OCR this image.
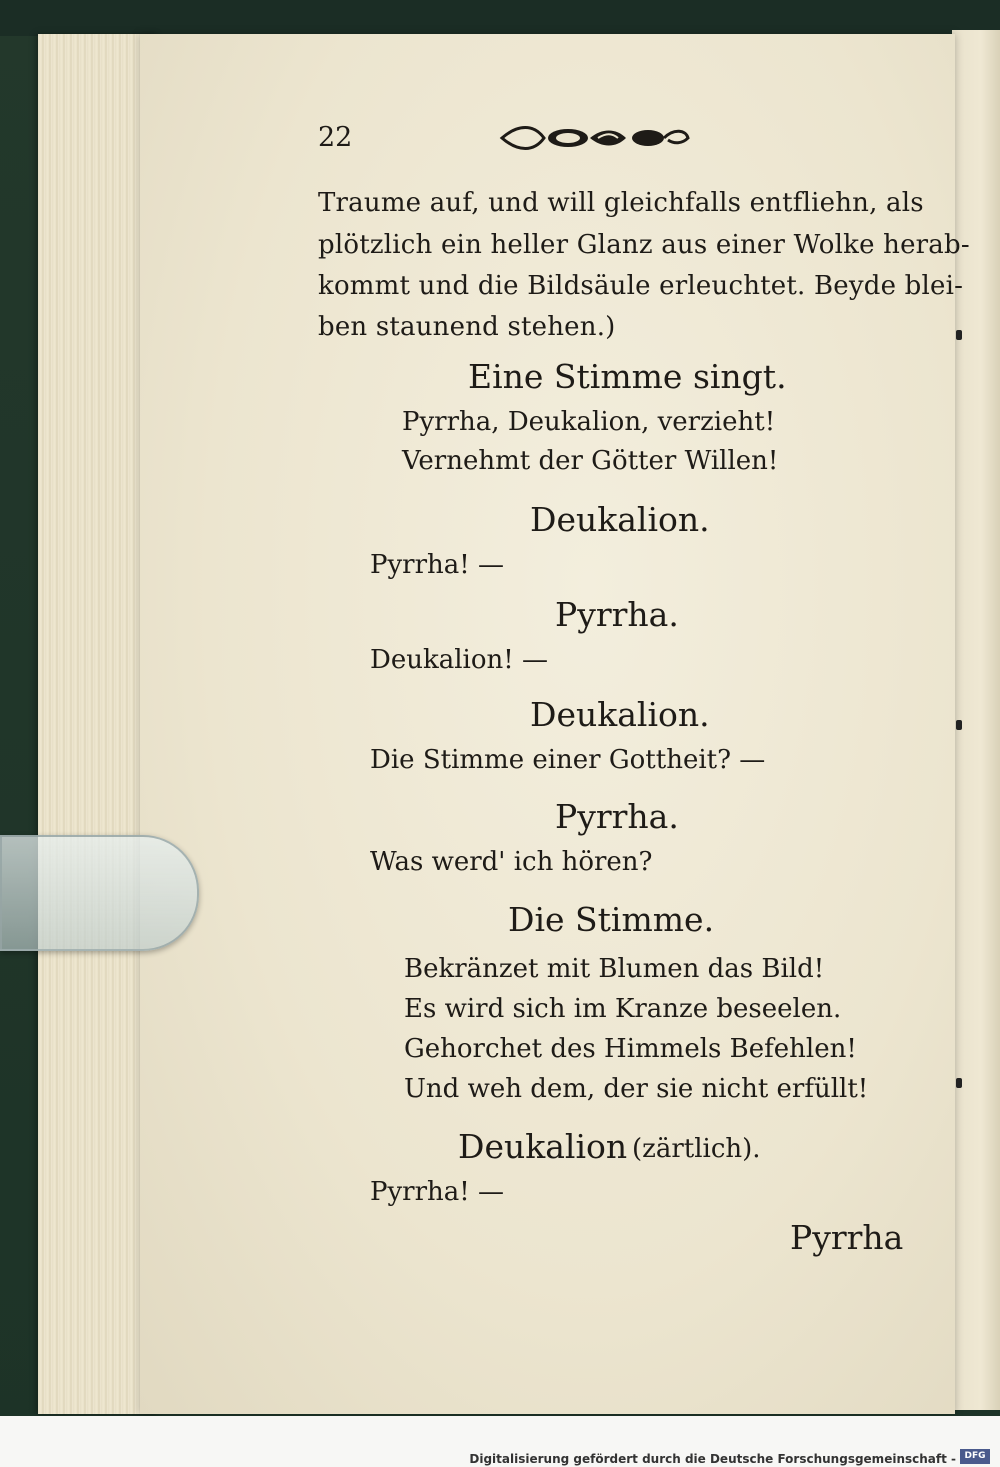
22
Traume auf, und will gleichfalls entfliehn, als
plötzlich ein heller Glanz aus einer Wolke herab-
kommt und die Bildsäule erleuchtet. Beyde blei-
ben staunend stehen.)
Eine Stimme singt.
Pyrrha, Deukalion, verzieht!
Vernehmt der Götter Willen!
Deukalion.
Pyrrha! —
Pyrrha.
Deukalion! —
Deukalion.
Die Stimme einer Gottheit? —
Pyrrha.
Was werd' ich hören?
Die Stimme.
Bekränzet mit Blumen das Bild!
Es wird sich im Kranze beseelen.
Gehorchet des Himmels Befehlen!
Und weh dem, der sie nicht erfüllt!
Deukalion (zärtlich).
Pyrrha! —
Pyrrha
Digitalisierung gefördert durch die Deutsche Forschungsgemeinschaft - DFG
